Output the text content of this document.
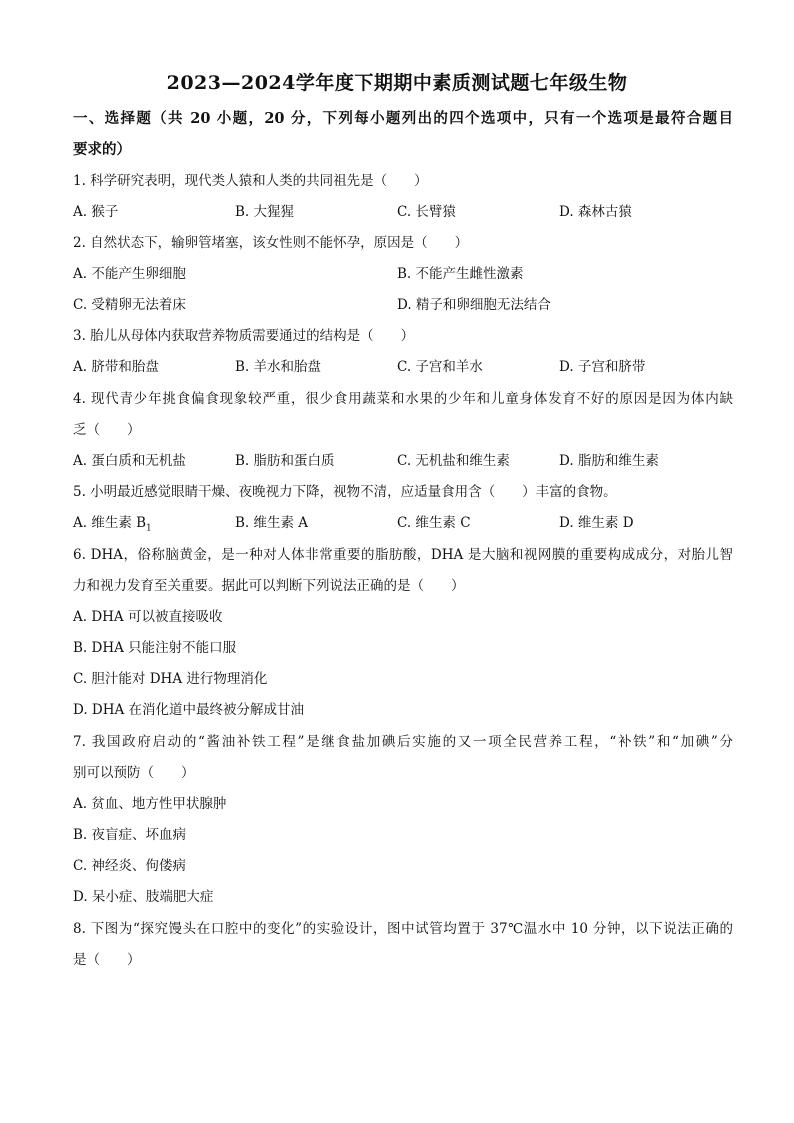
2023—2024学年度下期期中素质测试题七年级生物
一、选择题（共 20 小题，20 分，下列每小题列出的四个选项中，只有一个选项是最符合题目
要求的）
1. 科学研究表明，现代类人猿和人类的共同祖先是（　　）
A. 猴子	B. 大猩猩	C. 长臂猿	D. 森林古猿
2. 自然状态下，输卵管堵塞，该女性则不能怀孕，原因是（　　）
A. 不能产生卵细胞	B. 不能产生雌性激素
C. 受精卵无法着床	D. 精子和卵细胞无法结合
3. 胎儿从母体内获取营养物质需要通过的结构是（　　）
A. 脐带和胎盘	B. 羊水和胎盘	C. 子宫和羊水	D. 子宫和脐带
4. 现代青少年挑食偏食现象较严重，很少食用蔬菜和水果的少年和儿童身体发育不好的原因是因为体内缺
乏（　　）
A. 蛋白质和无机盐	B. 脂肪和蛋白质	C. 无机盐和维生素	D. 脂肪和维生素
5. 小明最近感觉眼睛干燥、夜晚视力下降，视物不清，应适量食用含（　　）丰富的食物。
A. 维生素 $B_1$	B. 维生素 A	C. 维生素 C	D. 维生素 D
6. DHA，俗称脑黄金，是一种对人体非常重要的脂肪酸，DHA 是大脑和视网膜的重要构成成分，对胎儿智
力和视力发育至关重要。据此可以判断下列说法正确的是（　　）
A. DHA 可以被直接吸收
B. DHA 只能注射不能口服
C. 胆汁能对 DHA 进行物理消化
D. DHA 在消化道中最终被分解成甘油
7. 我国政府启动的“酱油补铁工程”是继食盐加碘后实施的又一项全民营养工程，“补铁”和“加碘”分
别可以预防（　　）
A. 贫血、地方性甲状腺肿
B. 夜盲症、坏血病
C. 神经炎、佝偻病
D. 呆小症、肢端肥大症
8. 下图为“探究馒头在口腔中的变化”的实验设计，图中试管均置于 37℃温水中 10 分钟，以下说法正确的
是（　　）
